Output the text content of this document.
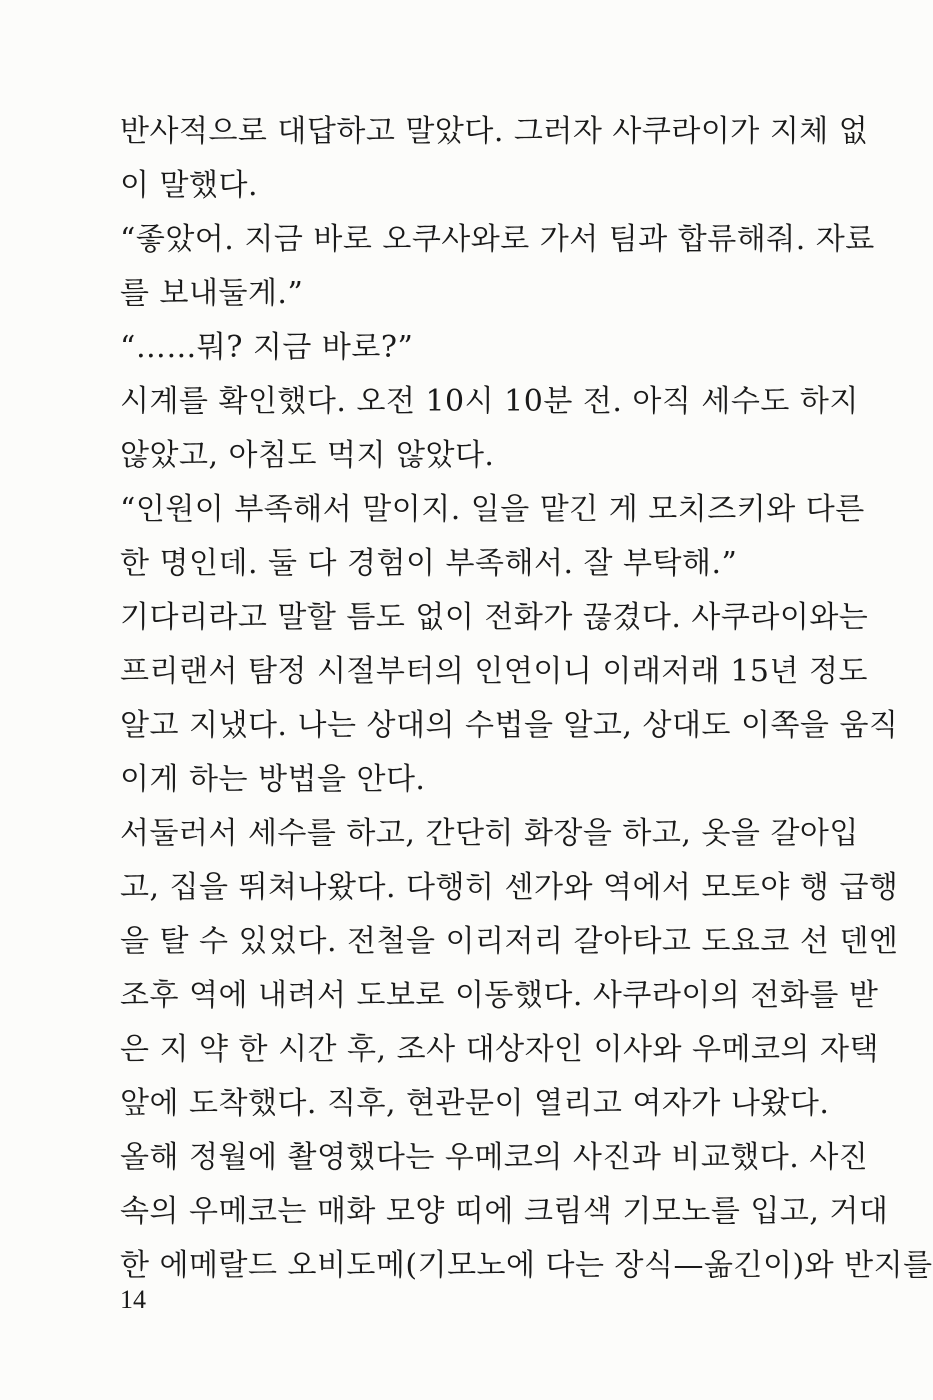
반사적으로 대답하고 말았다. 그러자 사쿠라이가 지체 없
이 말했다.
“좋았어. 지금 바로 오쿠사와로 가서 팀과 합류해줘. 자료
를 보내둘게.”
“……뭐? 지금 바로?”
시계를 확인했다. 오전 10시 10분 전. 아직 세수도 하지
않았고, 아침도 먹지 않았다.
“인원이 부족해서 말이지. 일을 맡긴 게 모치즈키와 다른
한 명인데. 둘 다 경험이 부족해서. 잘 부탁해.”
기다리라고 말할 틈도 없이 전화가 끊겼다. 사쿠라이와는
프리랜서 탐정 시절부터의 인연이니 이래저래 15년 정도
알고 지냈다. 나는 상대의 수법을 알고, 상대도 이쪽을 움직
이게 하는 방법을 안다.
서둘러서 세수를 하고, 간단히 화장을 하고, 옷을 갈아입
고, 집을 뛰쳐나왔다. 다행히 센가와 역에서 모토야 행 급행
을 탈 수 있었다. 전철을 이리저리 갈아타고 도요코 선 덴엔
조후 역에 내려서 도보로 이동했다. 사쿠라이의 전화를 받
은 지 약 한 시간 후, 조사 대상자인 이사와 우메코의 자택
앞에 도착했다. 직후, 현관문이 열리고 여자가 나왔다.
올해 정월에 촬영했다는 우메코의 사진과 비교했다. 사진
속의 우메코는 매화 모양 띠에 크림색 기모노를 입고, 거대
한 에메랄드 오비도메(기모노에 다는 장식—옮긴이)와 반지를
14
